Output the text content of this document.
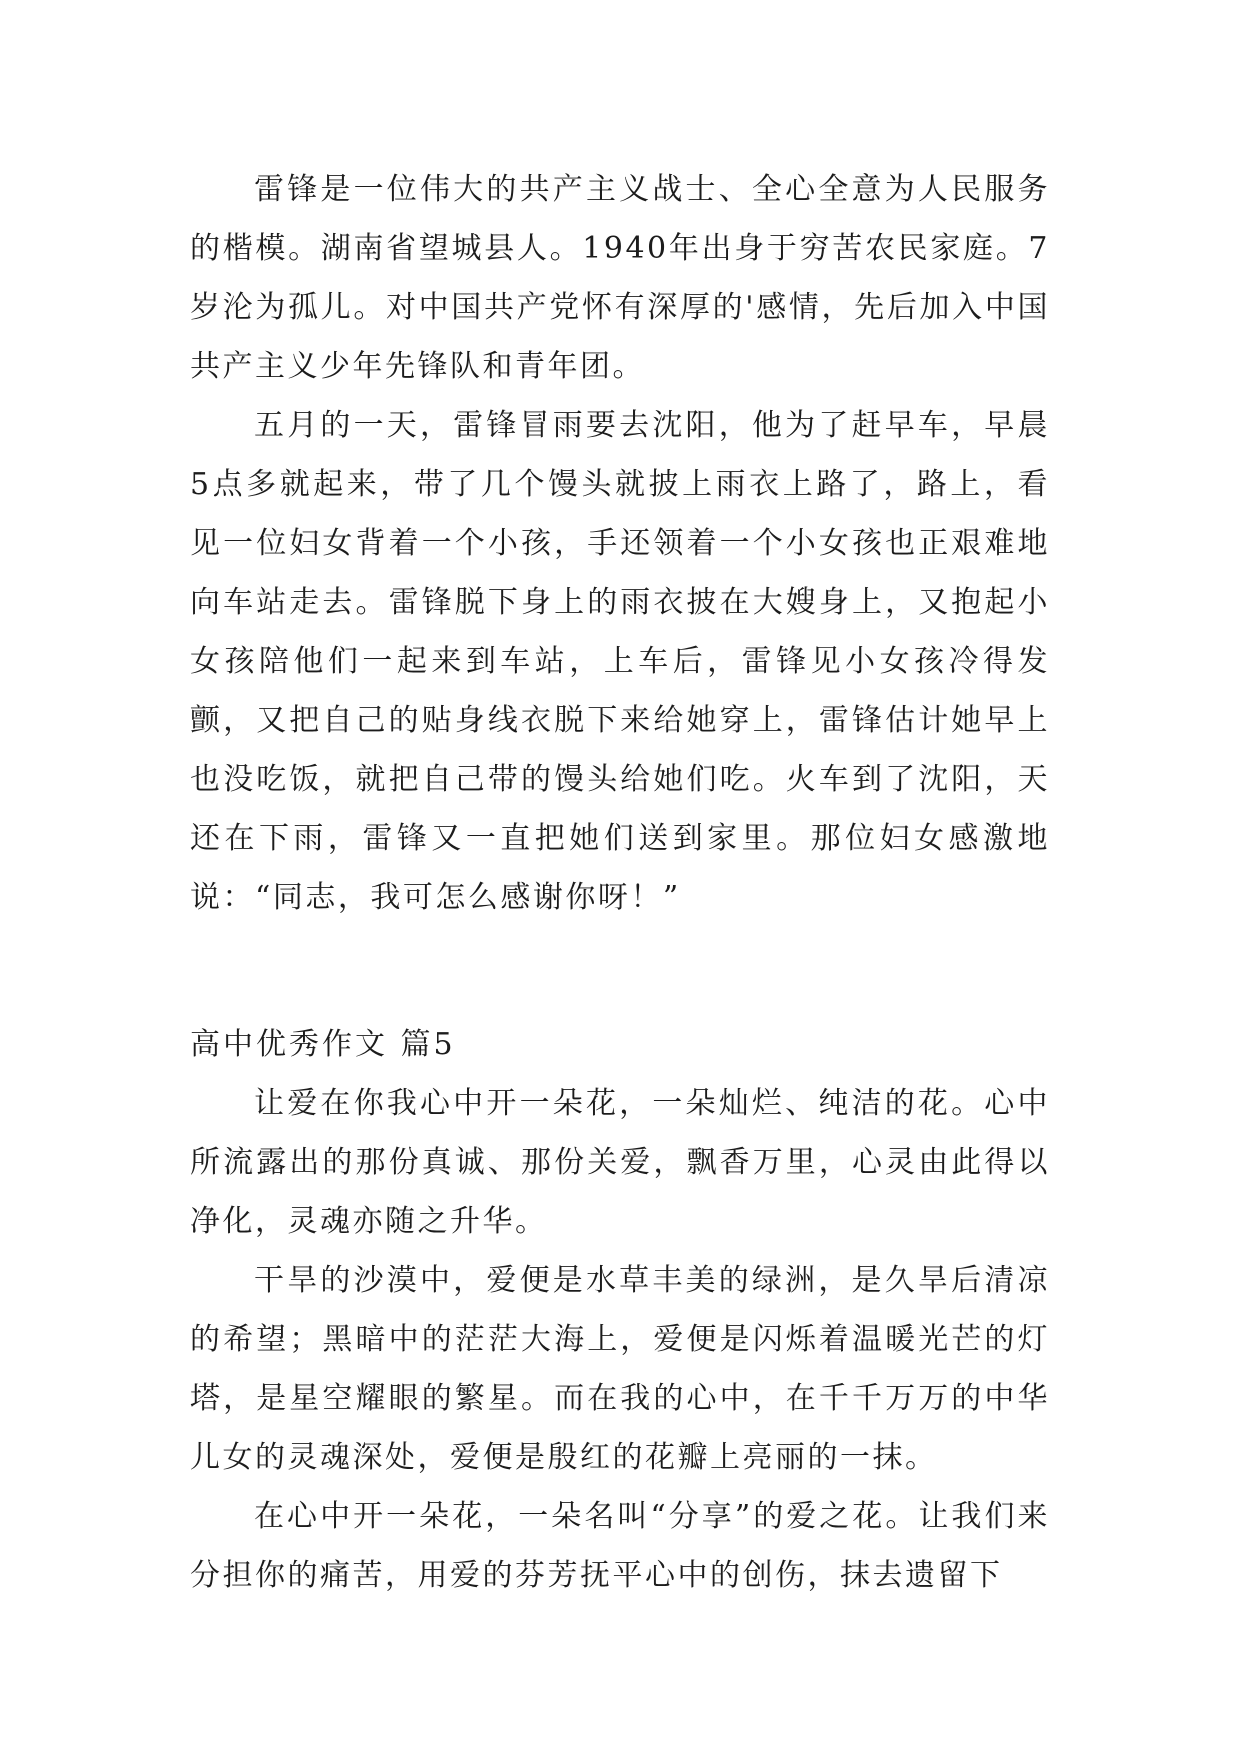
雷锋是一位伟大的共产主义战士、全心全意为人民服务的楷模。湖南省望城县人。1940年出身于穷苦农民家庭。7岁沦为孤儿。对中国共产党怀有深厚的'感情，先后加入中国共产主义少年先锋队和青年团。

五月的一天，雷锋冒雨要去沈阳，他为了赶早车，早晨5点多就起来，带了几个馒头就披上雨衣上路了，路上，看见一位妇女背着一个小孩，手还领着一个小女孩也正艰难地向车站走去。雷锋脱下身上的雨衣披在大嫂身上，又抱起小女孩陪他们一起来到车站，上车后，雷锋见小女孩冷得发颤，又把自己的贴身线衣脱下来给她穿上，雷锋估计她早上也没吃饭，就把自己带的馒头给她们吃。火车到了沈阳，天还在下雨，雷锋又一直把她们送到家里。那位妇女感激地说：“同志，我可怎么感谢你呀！”

高中优秀作文 篇5

让爱在你我心中开一朵花，一朵灿烂、纯洁的花。心中所流露出的那份真诚、那份关爱，飘香万里，心灵由此得以净化，灵魂亦随之升华。

干旱的沙漠中，爱便是水草丰美的绿洲，是久旱后清凉的希望；黑暗中的茫茫大海上，爱便是闪烁着温暖光芒的灯塔，是星空耀眼的繁星。而在我的心中，在千千万万的中华儿女的灵魂深处，爱便是殷红的花瓣上亮丽的一抹。

在心中开一朵花，一朵名叫“分享”的爱之花。让我们来分担你的痛苦，用爱的芬芳抚平心中的创伤，抹去遗留下
